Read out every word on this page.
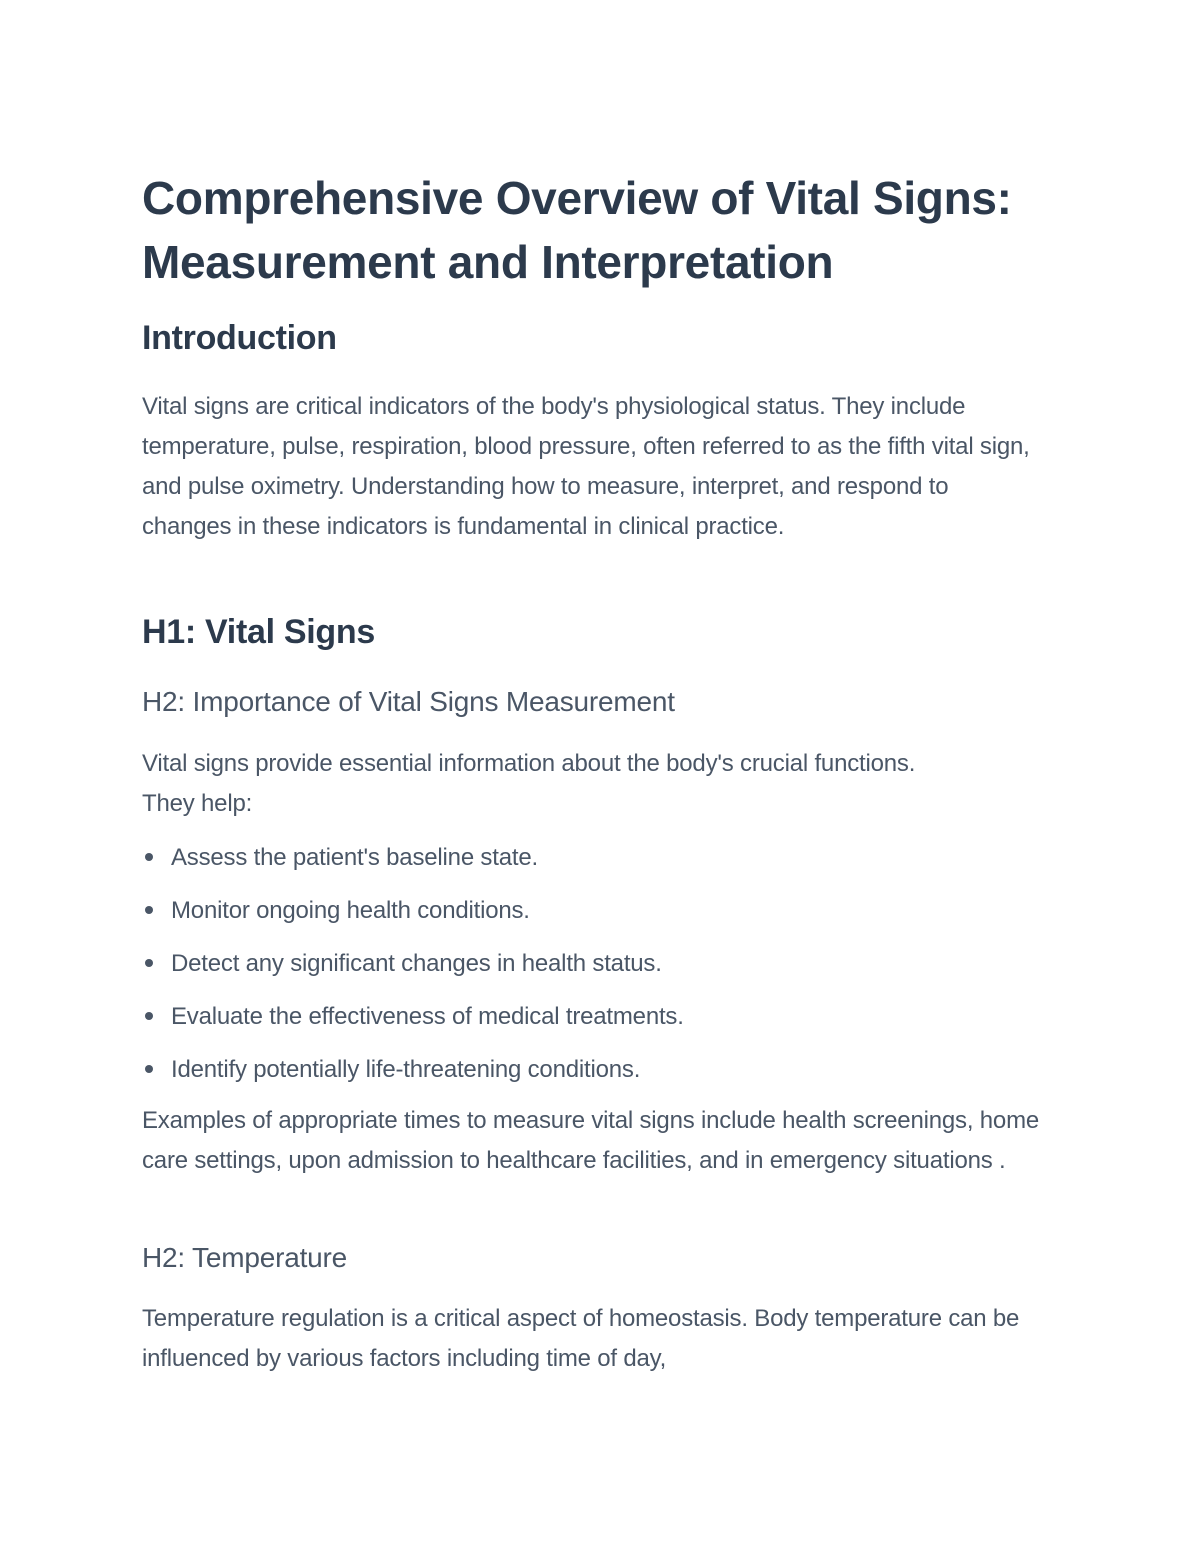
Comprehensive Overview of Vital Signs: Measurement and Interpretation
Introduction

Vital signs are critical indicators of the body's physiological status. They include temperature, pulse, respiration, blood pressure, often referred to as the fifth vital sign, and pulse oximetry. Understanding how to measure, interpret, and respond to changes in these indicators is fundamental in clinical practice.

H1: Vital Signs
H2: Importance of Vital Signs Measurement

Vital signs provide essential information about the body's crucial functions. They help:

Assess the patient's baseline state.
Monitor ongoing health conditions.
Detect any significant changes in health status.
Evaluate the effectiveness of medical treatments.
Identify potentially life-threatening conditions.

Examples of appropriate times to measure vital signs include health screenings, home care settings, upon admission to healthcare facilities, and in emergency situations .

H2: Temperature

Temperature regulation is a critical aspect of homeostasis. Body temperature can be influenced by various factors including time of day,
